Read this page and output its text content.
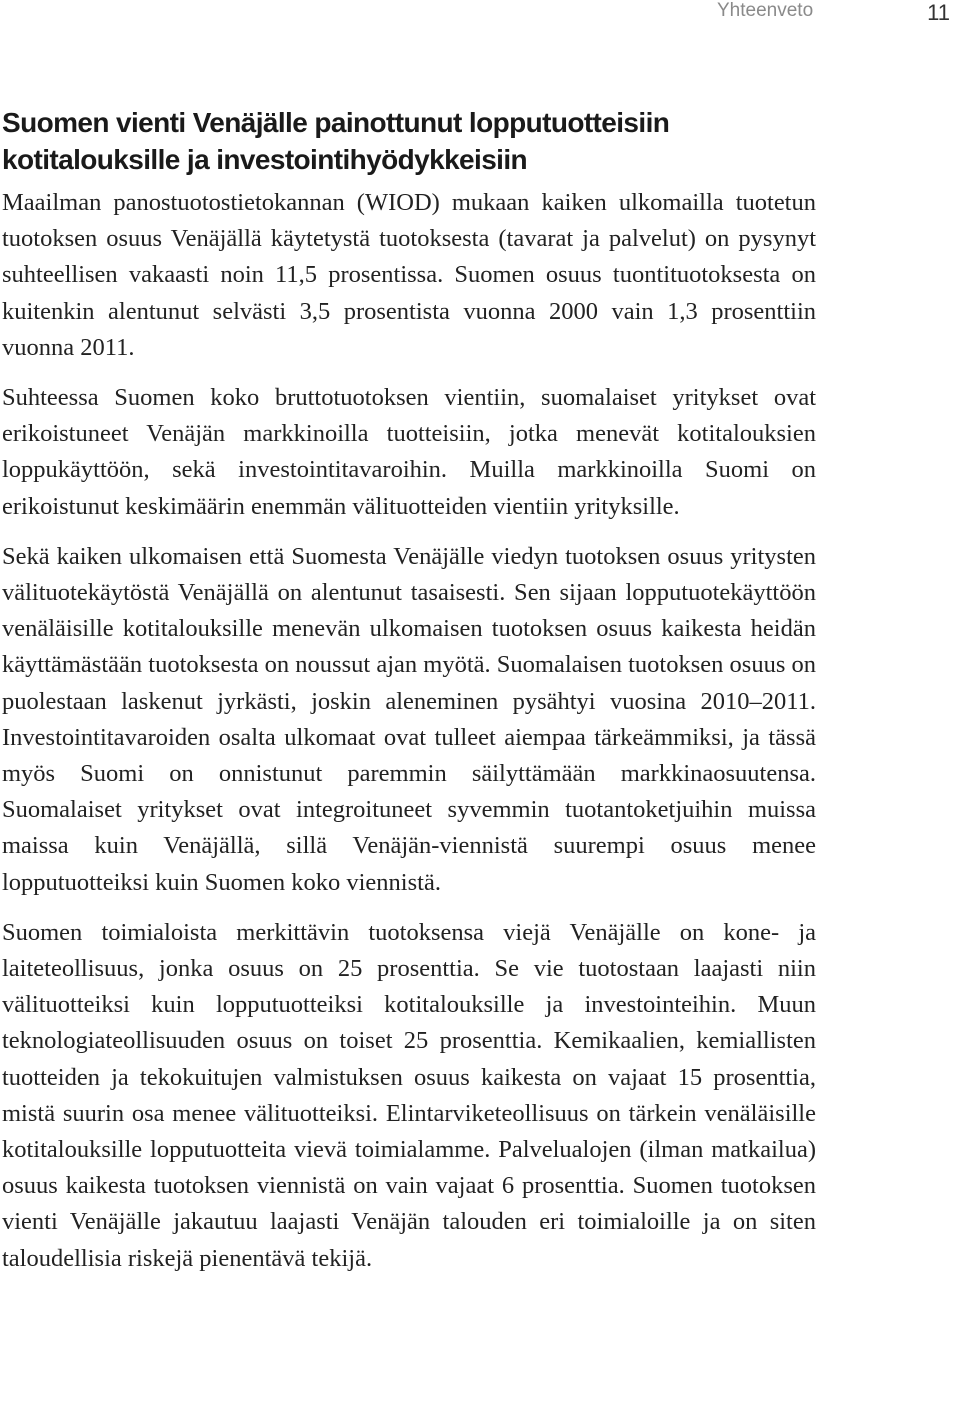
Yhteenveto	11
Suomen vienti Venäjälle painottunut lopputuotteisiin kotitalouksille ja investointihyödykkeisiin

Maailman panostuotostietokannan (WIOD) mukaan kaiken ulkomailla tuotetun tuotoksen osuus Venäjällä käytetystä tuotoksesta (tavarat ja palvelut) on pysynyt suhteellisen vakaasti noin 11,5 prosentissa. Suomen osuus tuontituotoksesta on kuitenkin alentunut selvästi 3,5 prosentista vuonna 2000 vain 1,3 prosenttiin vuonna 2011.

Suhteessa Suomen koko bruttotuotoksen vientiin, suomalaiset yritykset ovat erikoistuneet Venäjän markkinoilla tuotteisiin, jotka menevät kotitalouksien loppukäyttöön, sekä investointitavaroihin. Muilla markkinoilla Suomi on erikoistunut keskimäärin enemmän välituotteiden vientiin yrityksille.

Sekä kaiken ulkomaisen että Suomesta Venäjälle viedyn tuotoksen osuus yritysten välituotekäytöstä Venäjällä on alentunut tasaisesti. Sen sijaan lopputuotekäyttöön venäläisille kotitalouksille menevän ulkomaisen tuotoksen osuus kaikesta heidän käyttämästään tuotoksesta on noussut ajan myötä. Suomalaisen tuotoksen osuus on puolestaan laskenut jyrkästi, joskin aleneminen pysähtyi vuosina 2010–2011. Investointitavaroiden osalta ulkomaat ovat tulleet aiempaa tärkeämmiksi, ja tässä myös Suomi on onnistunut paremmin säilyttämään markkinaosuutensa. Suomalaiset yritykset ovat integroituneet syvemmin tuotantoketjuihin muissa maissa kuin Venäjällä, sillä Venäjän-viennistä suurempi osuus menee lopputuotteiksi kuin Suomen koko viennistä.

Suomen toimialoista merkittävin tuotoksensa viejä Venäjälle on kone- ja laiteteollisuus, jonka osuus on 25 prosenttia. Se vie tuotostaan laajasti niin välituotteiksi kuin lopputuotteiksi kotitalouksille ja investointeihin. Muun teknologiateollisuuden osuus on toiset 25 prosenttia. Kemikaalien, kemiallisten tuotteiden ja tekokuitujen valmistuksen osuus kaikesta on vajaat 15 prosenttia, mistä suurin osa menee välituotteiksi. Elintarviketeollisuus on tärkein venäläisille kotitalouksille lopputuotteita vievä toimialamme. Palvelualojen (ilman matkailua) osuus kaikesta tuotoksen viennistä on vain vajaat 6 prosenttia. Suomen tuotoksen vienti Venäjälle jakautuu laajasti Venäjän talouden eri toimialoille ja on siten taloudellisia riskejä pienentävä tekijä.
